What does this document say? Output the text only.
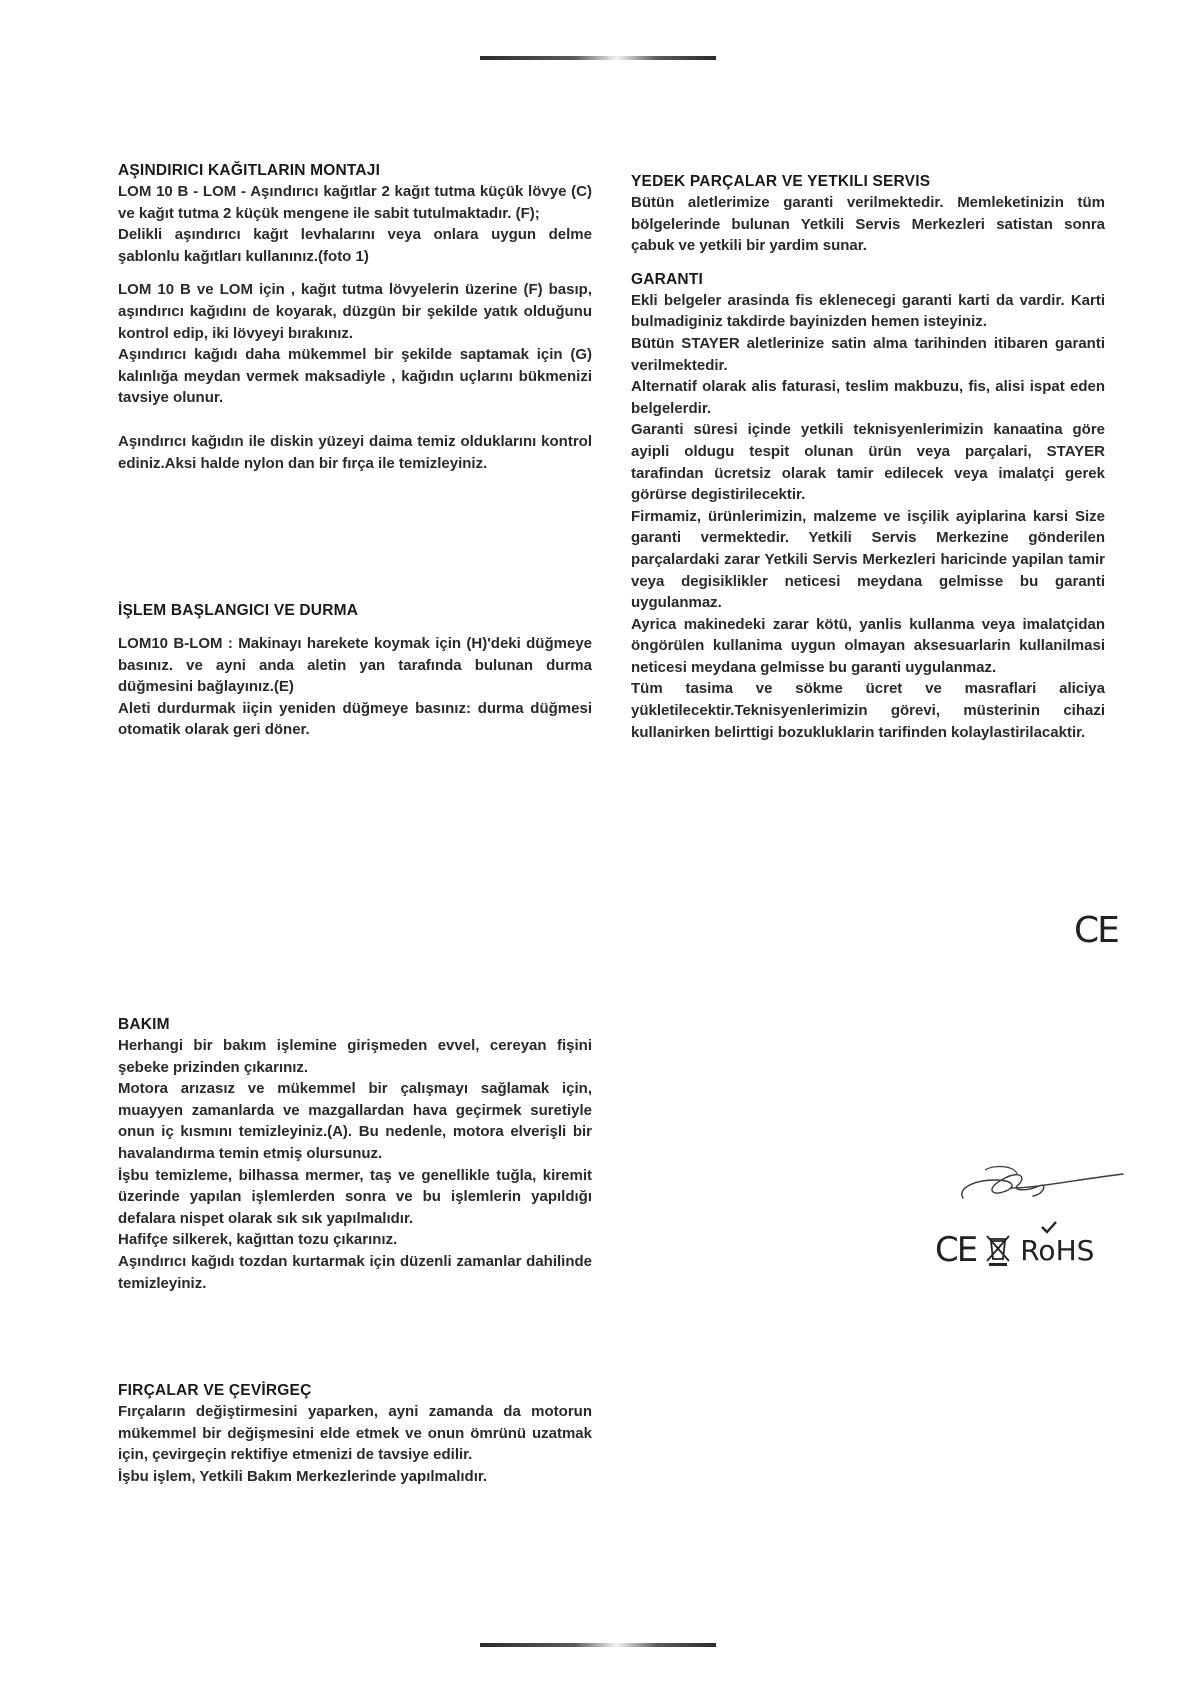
AŞINDIRICI KAĞITLARIN MONTAJI

LOM 10 B - LOM - Aşındırıcı kağıtlar 2 kağıt tutma küçük lövye (C) ve kağıt tutma 2 küçük mengene ile sabit tutulmaktadır. (F);

Delikli aşındırıcı kağıt levhalarını veya onlara uygun delme şablonlu kağıtları kullanınız.(foto 1)

LOM 10 B ve LOM için , kağıt tutma lövyelerin üzerine (F) basıp, aşındırıcı kağıdını de koyarak, düzgün bir şekilde yatık olduğunu kontrol edip, iki lövyeyi bırakınız.

Aşındırıcı kağıdı daha mükemmel bir şekilde saptamak için (G) kalınlığa meydan vermek maksadiyle , kağıdın uçlarını bükmenizi tavsiye olunur.

Aşındırıcı kağıdın ile diskin yüzeyi daima temiz olduklarını kontrol ediniz.Aksi halde nylon dan bir fırça ile temizleyiniz.

İŞLEM BAŞLANGICI VE DURMA

LOM10 B-LOM : Makinayı harekete koymak için (H)'deki düğmeye basınız. ve ayni anda aletin yan tarafında bulunan durma düğmesini bağlayınız.(E)

Aleti durdurmak iiçin yeniden düğmeye basınız: durma düğmesi otomatik olarak geri döner.

BAKIM

Herhangi bir bakım işlemine girişmeden evvel, cereyan fişini şebeke prizinden çıkarınız.

Motora arızasız ve mükemmel bir çalışmayı sağlamak için, muayyen zamanlarda ve mazgallardan hava geçirmek suretiyle onun iç kısmını temizleyiniz.(A). Bu nedenle, motora elverişli bir havalandırma temin etmiş olursunuz.

İşbu temizleme, bilhassa mermer, taş ve genellikle tuğla, kiremit üzerinde yapılan işlemlerden sonra ve bu işlemlerin yapıldığı defalara nispet olarak sık sık yapılmalıdır.

Hafifçe silkerek, kağıttan tozu çıkarınız.

Aşındırıcı kağıdı tozdan kurtarmak için düzenli zamanlar dahilinde temizleyiniz.

FIRÇALAR VE ÇEVİRGEÇ

Fırçaların değiştirmesini yaparken, ayni zamanda da motorun mükemmel bir değişmesini elde etmek ve onun ömrünü uzatmak için, çevirgeçin rektifiye etmenizi de tavsiye edilir.

İşbu işlem, Yetkili Bakım Merkezlerinde yapılmalıdır.

YEDEK PARÇALAR VE YETKILI SERVIS

Bütün aletlerimize garanti verilmektedir. Memleketinizin tüm bölgelerinde bulunan Yetkili Servis Merkezleri satistan sonra çabuk ve yetkili bir yardim sunar.

GARANTI

Ekli belgeler arasinda fis eklenecegi garanti karti da vardir. Karti bulmadiginiz takdirde bayinizden hemen isteyiniz.

Bütün STAYER aletlerinize satin alma tarihinden itibaren garanti verilmektedir.

Alternatif olarak alis faturasi, teslim makbuzu, fis, alisi ispat eden belgelerdir.

Garanti süresi içinde yetkili teknisyenlerimizin kanaatina göre ayipli oldugu tespit olunan ürün veya parçalari, STAYER tarafindan ücretsiz olarak tamir edilecek veya imalatçi gerek görürse degistirilecektir.

Firmamiz, ürünlerimizin, malzeme ve isçilik ayiplarina karsi Size garanti vermektedir. Yetkili Servis Merkezine gönderilen parçalardaki zarar Yetkili Servis Merkezleri haricinde yapilan tamir veya degisiklikler neticesi meydana gelmisse bu garanti uygulanmaz.

Ayrica makinedeki zarar kötü, yanlis kullanma veya imalatçidan öngörülen kullanima uygun olmayan aksesuarlarin kullanilmasi neticesi meydana gelmisse bu garanti uygulanmaz.

Tüm tasima ve sökme ücret ve masraflari aliciya yükletilecektir.Teknisyenlerimizin görevi, müsterinin cihazi kullanirken belirttigi bozukluklarin tarifinden kolaylastirilacaktir.

CE
CE RoHS
